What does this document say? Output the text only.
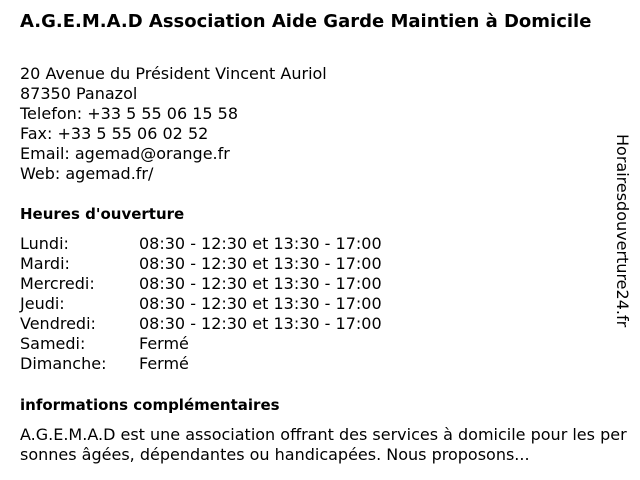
A.G.E.M.A.D Association Aide Garde Maintien à Domicile
20 Avenue du Président Vincent Auriol
87350 Panazol
Telefon: +33 5 55 06 15 58
Fax: +33 5 55 06 02 52
Email: agemad@orange.fr
Web: agemad.fr/
Heures d'ouverture
Lundi:	08:30 - 12:30 et 13:30 - 17:00
Mardi:	08:30 - 12:30 et 13:30 - 17:00
Mercredi:	08:30 - 12:30 et 13:30 - 17:00
Jeudi:	08:30 - 12:30 et 13:30 - 17:00
Vendredi:	08:30 - 12:30 et 13:30 - 17:00
Samedi:	Fermé
Dimanche:	Fermé
informations complémentaires
A.G.E.M.A.D est une association offrant des services à domicile pour les personnes âgées, dépendantes ou handicapées. Nous proposons...
Horairesdouverture24.fr
